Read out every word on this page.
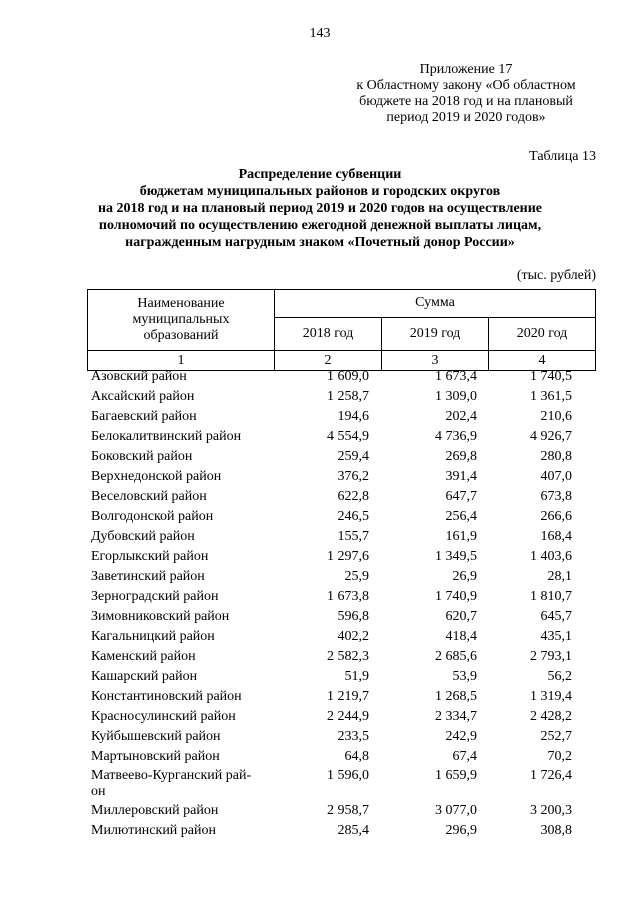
143
Приложение 17
к Областному закону «Об областном
бюджете на 2018 год и на плановый
период 2019 и 2020 годов»
Таблица 13
Распределение субвенции
бюджетам муниципальных районов и городских округов
на 2018 год и на плановый период 2019 и 2020 годов на осуществление
полномочий по осуществлению ежегодной денежной выплаты лицам,
награжденным нагрудным знаком «Почетный донор России»
(тыс. рублей)
Наименование
муниципальных
образований	Сумма		
	2018 год	2019 год	2020 год
1	2	3	4
Азовский район	1 609,0	1 673,4	1 740,5
Аксайский район	1 258,7	1 309,0	1 361,5
Багаевский район	194,6	202,4	210,6
Белокалитвинский район	4 554,9	4 736,9	4 926,7
Боковский район	259,4	269,8	280,8
Верхнедонской район	376,2	391,4	407,0
Веселовский район	622,8	647,7	673,8
Волгодонской район	246,5	256,4	266,6
Дубовский район	155,7	161,9	168,4
Егорлыкский район	1 297,6	1 349,5	1 403,6
Заветинский район	25,9	26,9	28,1
Зерноградский район	1 673,8	1 740,9	1 810,7
Зимовниковский район	596,8	620,7	645,7
Кагальницкий район	402,2	418,4	435,1
Каменский район	2 582,3	2 685,6	2 793,1
Кашарский район	51,9	53,9	56,2
Константиновский район	1 219,7	1 268,5	1 319,4
Красносулинский район	2 244,9	2 334,7	2 428,2
Куйбышевский район	233,5	242,9	252,7
Мартыновский район	64,8	67,4	70,2
Матвеево-Курганский рай-
он
1 596,0	1 659,9	1 726,4
Миллеровский район	2 958,7	3 077,0	3 200,3
Милютинский район	285,4	296,9	308,8
